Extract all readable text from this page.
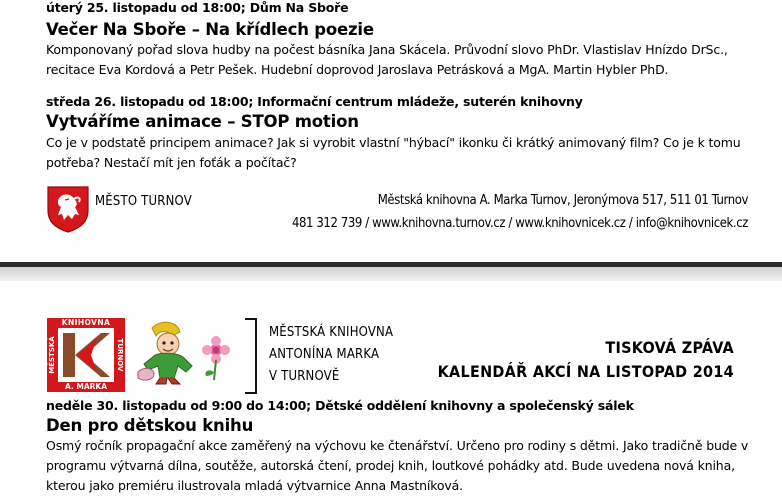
úterý 25. listopadu od 18:00; Dům Na Sboře
Večer Na Sboře – Na křídlech poezie
Komponovaný pořad slova hudby na počest básníka Jana Skácela. Průvodní slovo PhDr. Vlastislav Hnízdo DrSc.,
recitace Eva Kordová a Petr Pešek. Hudební doprovod Jaroslava Petrásková a MgA. Martin Hybler PhD.
středa 26. listopadu od 18:00; Informační centrum mládeže, suterén knihovny
Vytváříme animace – STOP motion
Co je v podstatě principem animace? Jak si vyrobit vlastní "hýbací" ikonku či krátký animovaný film? Co je k tomu
potřeba? Nestačí mít jen foťák a počítač?
MĚSTO TURNOV	Městská knihovna A. Marka Turnov, Jeronýmova 517, 511 01 Turnov
481 312 739 / www.knihovna.turnov.cz / www.knihovnicek.cz / info@knihovnicek.cz
KNIHOVNA
A. MARKA
MĚSTSKÁ	TURNOV
MĚSTSKÁ KNIHOVNA
ANTONÍNA MARKA
V TURNOVĚ
TISKOVÁ ZPÁVA
KALENDÁŘ AKCÍ NA LISTOPAD 2014
neděle 30. listopadu od 9:00 do 14:00; Dětské oddělení knihovny a společenský sálek
Den pro dětskou knihu
Osmý ročník propagační akce zaměřený na výchovu ke čtenářství. Určeno pro rodiny s dětmi. Jako tradičně bude v
programu výtvarná dílna, soutěže, autorská čtení, prodej knih, loutkové pohádky atd. Bude uvedena nová kniha,
kterou jako premiéru ilustrovala mladá výtvarnice Anna Mastníková.
